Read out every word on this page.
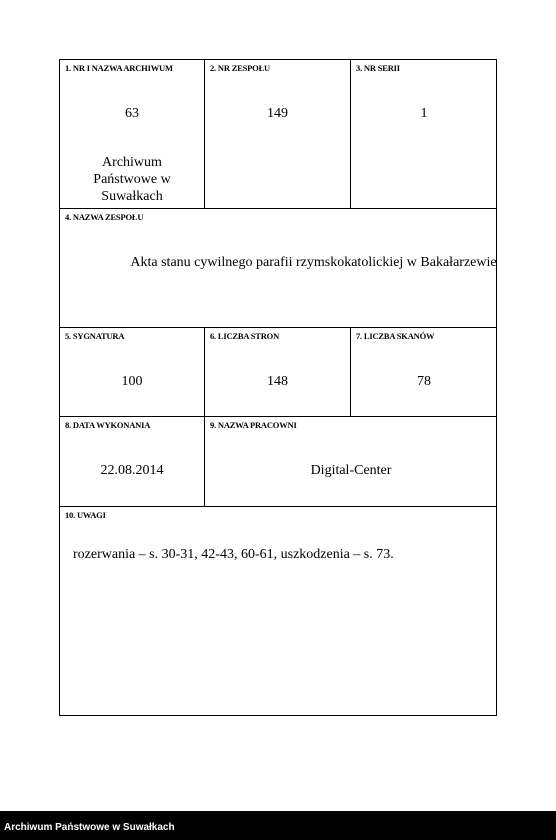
1. NR I NAZWA ARCHIWUM
63
Archiwum Państwowe w Suwałkach
2. NR ZESPOŁU
149
3. NR SERII
1
4. NAZWA ZESPOŁU
Akta stanu cywilnego parafii rzymskokatolickiej w Bakałarzewie
5. SYGNATURA
100
6. LICZBA STRON
148
7. LICZBA SKANÓW
78
8. DATA WYKONANIA
22.08.2014
9. NAZWA PRACOWNI
Digital-Center
10. UWAGI
rozerwania – s. 30-31, 42-43, 60-61, uszkodzenia – s. 73.
Archiwum Państwowe w Suwałkach
